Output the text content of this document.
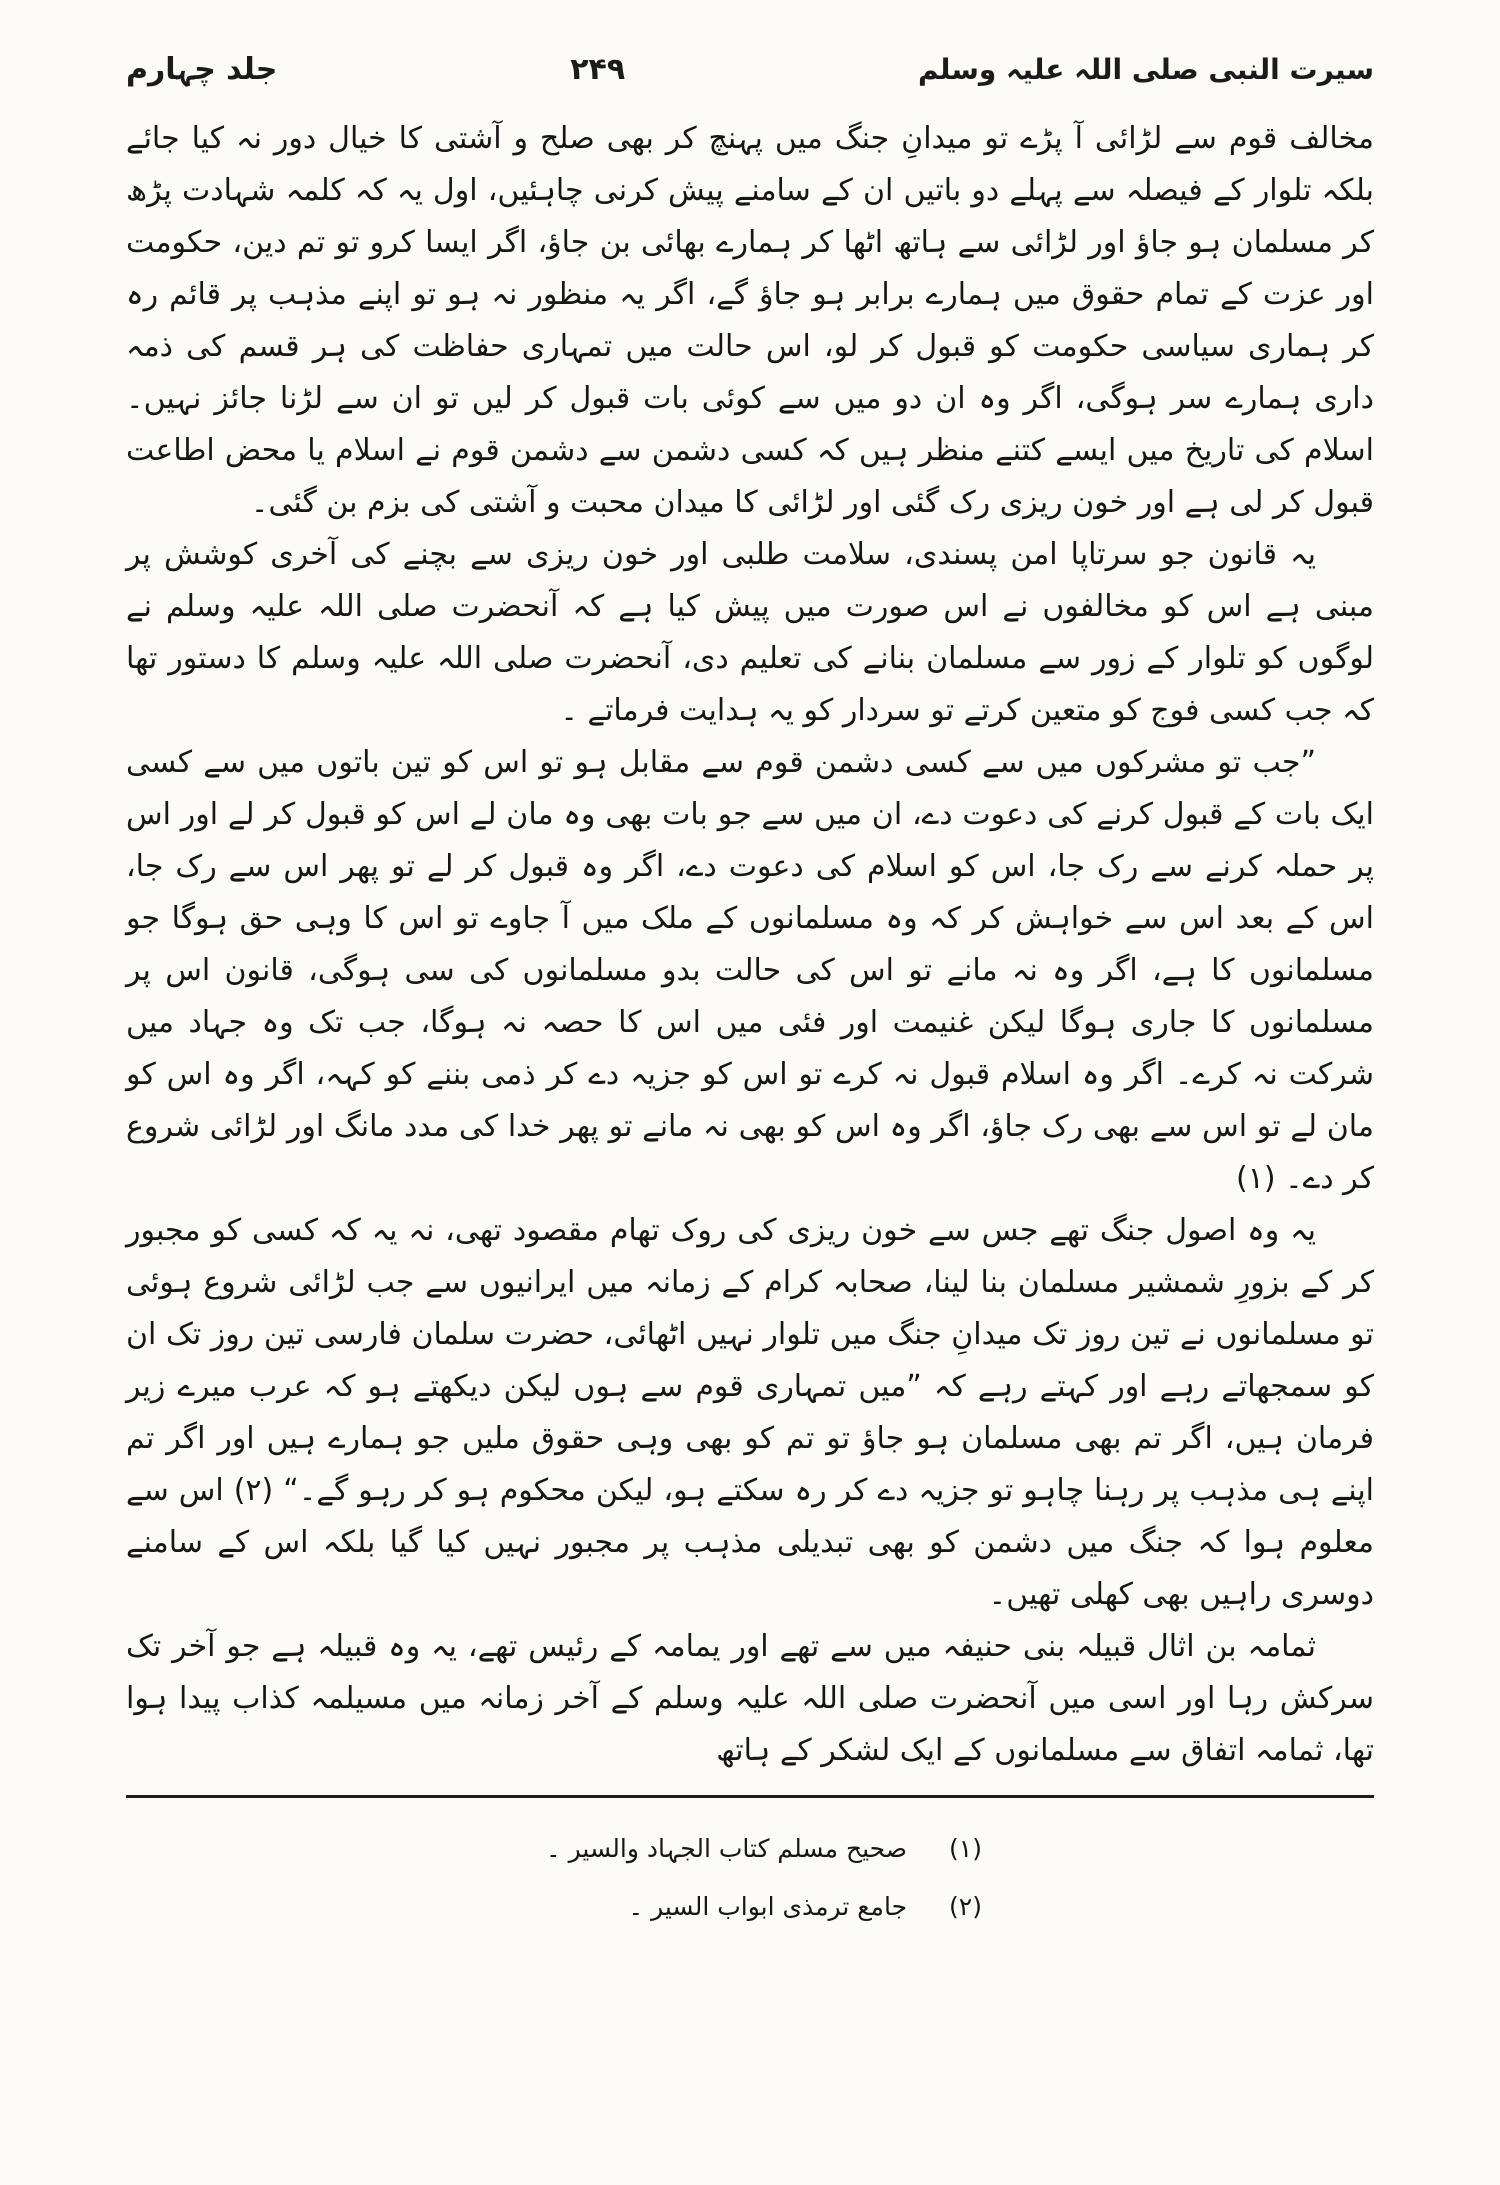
سیرت النبی صلی اللہ علیہ وسلم
۲۴۹
جلد چہارم

مخالف قوم سے لڑائی آ پڑے تو میدانِ جنگ میں پہنچ کر بھی صلح و آشتی کا خیال دور نہ کیا جائے بلکہ تلوار کے فیصلہ سے پہلے دو باتیں ان کے سامنے پیش کرنی چاہئیں، اول یہ کہ کلمہ شہادت پڑھ کر مسلمان ہو جاؤ اور لڑائی سے ہاتھ اٹھا کر ہمارے بھائی بن جاؤ، اگر ایسا کرو تو تم دین، حکومت اور عزت کے تمام حقوق میں ہمارے برابر ہو جاؤ گے، اگر یہ منظور نہ ہو تو اپنے مذہب پر قائم رہ کر ہماری سیاسی حکومت کو قبول کر لو، اس حالت میں تمہاری حفاظت کی ہر قسم کی ذمہ داری ہمارے سر ہوگی، اگر وہ ان دو میں سے کوئی بات قبول کر لیں تو ان سے لڑنا جائز نہیں۔ اسلام کی تاریخ میں ایسے کتنے منظر ہیں کہ کسی دشمن سے دشمن قوم نے اسلام یا محض اطاعت قبول کر لی ہے اور خون ریزی رک گئی اور لڑائی کا میدان محبت و آشتی کی بزم بن گئی۔

یہ قانون جو سرتاپا امن پسندی، سلامت طلبی اور خون ریزی سے بچنے کی آخری کوشش پر مبنی ہے اس کو مخالفوں نے اس صورت میں پیش کیا ہے کہ آنحضرت صلی اللہ علیہ وسلم نے لوگوں کو تلوار کے زور سے مسلمان بنانے کی تعلیم دی، آنحضرت صلی اللہ علیہ وسلم کا دستور تھا کہ جب کسی فوج کو متعین کرتے تو سردار کو یہ ہدایت فرماتے ۔

”جب تو مشرکوں میں سے کسی دشمن قوم سے مقابل ہو تو اس کو تین باتوں میں سے کسی ایک بات کے قبول کرنے کی دعوت دے، ان میں سے جو بات بھی وہ مان لے اس کو قبول کر لے اور اس پر حملہ کرنے سے رک جا، اس کو اسلام کی دعوت دے، اگر وہ قبول کر لے تو پھر اس سے رک جا، اس کے بعد اس سے خواہش کر کہ وہ مسلمانوں کے ملک میں آ جاوے تو اس کا وہی حق ہوگا جو مسلمانوں کا ہے، اگر وہ نہ مانے تو اس کی حالت بدو مسلمانوں کی سی ہوگی، قانون اس پر مسلمانوں کا جاری ہوگا لیکن غنیمت اور فئی میں اس کا حصہ نہ ہوگا، جب تک وہ جہاد میں شرکت نہ کرے۔ اگر وہ اسلام قبول نہ کرے تو اس کو جزیہ دے کر ذمی بننے کو کہہ، اگر وہ اس کو مان لے تو اس سے بھی رک جاؤ، اگر وہ اس کو بھی نہ مانے تو پھر خدا کی مدد مانگ اور لڑائی شروع کر دے۔ (۱)

یہ وہ اصول جنگ تھے جس سے خون ریزی کی روک تھام مقصود تھی، نہ یہ کہ کسی کو مجبور کر کے بزورِ شمشیر مسلمان بنا لینا، صحابہ کرام کے زمانہ میں ایرانیوں سے جب لڑائی شروع ہوئی تو مسلمانوں نے تین روز تک میدانِ جنگ میں تلوار نہیں اٹھائی، حضرت سلمان فارسی تین روز تک ان کو سمجھاتے رہے اور کہتے رہے کہ ”میں تمہاری قوم سے ہوں لیکن دیکھتے ہو کہ عرب میرے زیر فرمان ہیں، اگر تم بھی مسلمان ہو جاؤ تو تم کو بھی وہی حقوق ملیں جو ہمارے ہیں اور اگر تم اپنے ہی مذہب پر رہنا چاہو تو جزیہ دے کر رہ سکتے ہو، لیکن محکوم ہو کر رہو گے۔“ (۲) اس سے معلوم ہوا کہ جنگ میں دشمن کو بھی تبدیلی مذہب پر مجبور نہیں کیا گیا بلکہ اس کے سامنے دوسری راہیں بھی کھلی تھیں۔

ثمامہ بن اثال قبیلہ بنی حنیفہ میں سے تھے اور یمامہ کے رئیس تھے، یہ وہ قبیلہ ہے جو آخر تک سرکش رہا اور اسی میں آنحضرت صلی اللہ علیہ وسلم کے آخر زمانہ میں مسیلمہ کذاب پیدا ہوا تھا، ثمامہ اتفاق سے مسلمانوں کے ایک لشکر کے ہاتھ

(۱)
صحیح مسلم کتاب الجہاد والسیر ۔
(۲)
جامع ترمذی ابواب السیر ۔
